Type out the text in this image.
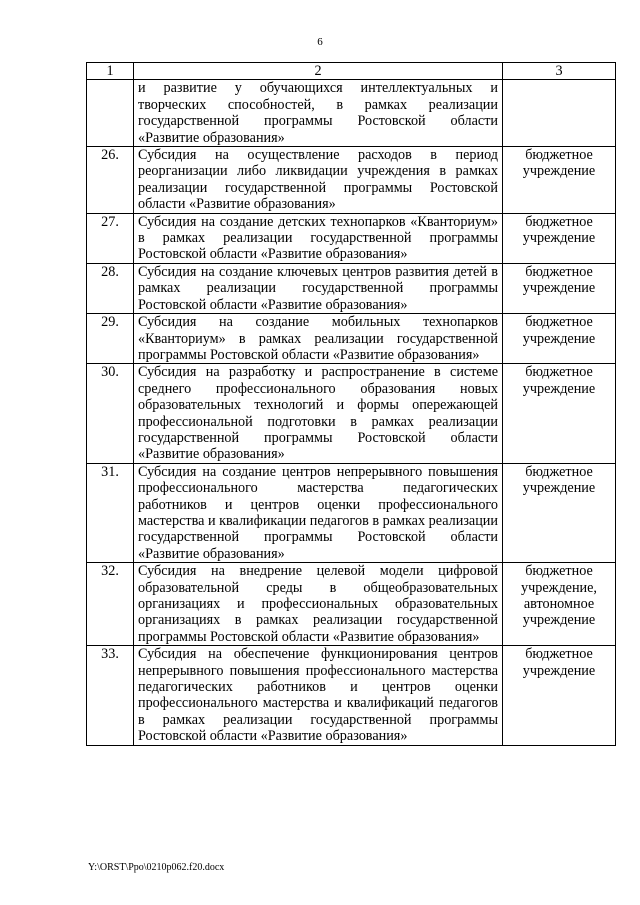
6
1	2	3
	и развитие у обучающихся интеллектуальных и творческих способностей, в рамках реализации государственной программы Ростовской области «Развитие образования»	
26.	Субсидия на осуществление расходов в период реорганизации либо ликвидации учреждения в рамках реализации государственной программы Ростовской области «Развитие образования»	бюджетное учреждение
27.	Субсидия на создание детских технопарков «Кванториум» в рамках реализации государственной программы Ростовской области «Развитие образования»	бюджетное учреждение
28.	Субсидия на создание ключевых центров развития детей в рамках реализации государственной программы Ростовской области «Развитие образования»	бюджетное учреждение
29.	Субсидия на создание мобильных технопарков «Кванториум» в рамках реализации государственной программы Ростовской области «Развитие образования»	бюджетное учреждение
30.	Субсидия на разработку и распространение в системе среднего профессионального образования новых образовательных технологий и формы опережающей профессиональной подготовки в рамках реализации государственной программы Ростовской области «Развитие образования»	бюджетное учреждение
31.	Субсидия на создание центров непрерывного повышения профессионального мастерства педагогических работников и центров оценки профессионального мастерства и квалификации педагогов в рамках реализации государственной программы Ростовской области «Развитие образования»	бюджетное учреждение
32.	Субсидия на внедрение целевой модели цифровой образовательной среды в общеобразовательных организациях и профессиональных образовательных организациях в рамках реализации государственной программы Ростовской области «Развитие образования»	бюджетное учреждение, автономное учреждение
33.	Субсидия на обеспечение функционирования центров непрерывного повышения профессионального мастерства педагогических работников и центров оценки профессионального мастерства и квалификаций педагогов в рамках реализации государственной программы Ростовской области «Развитие образования»	бюджетное учреждение
Y:\ORST\Ppo\0210p062.f20.docx
